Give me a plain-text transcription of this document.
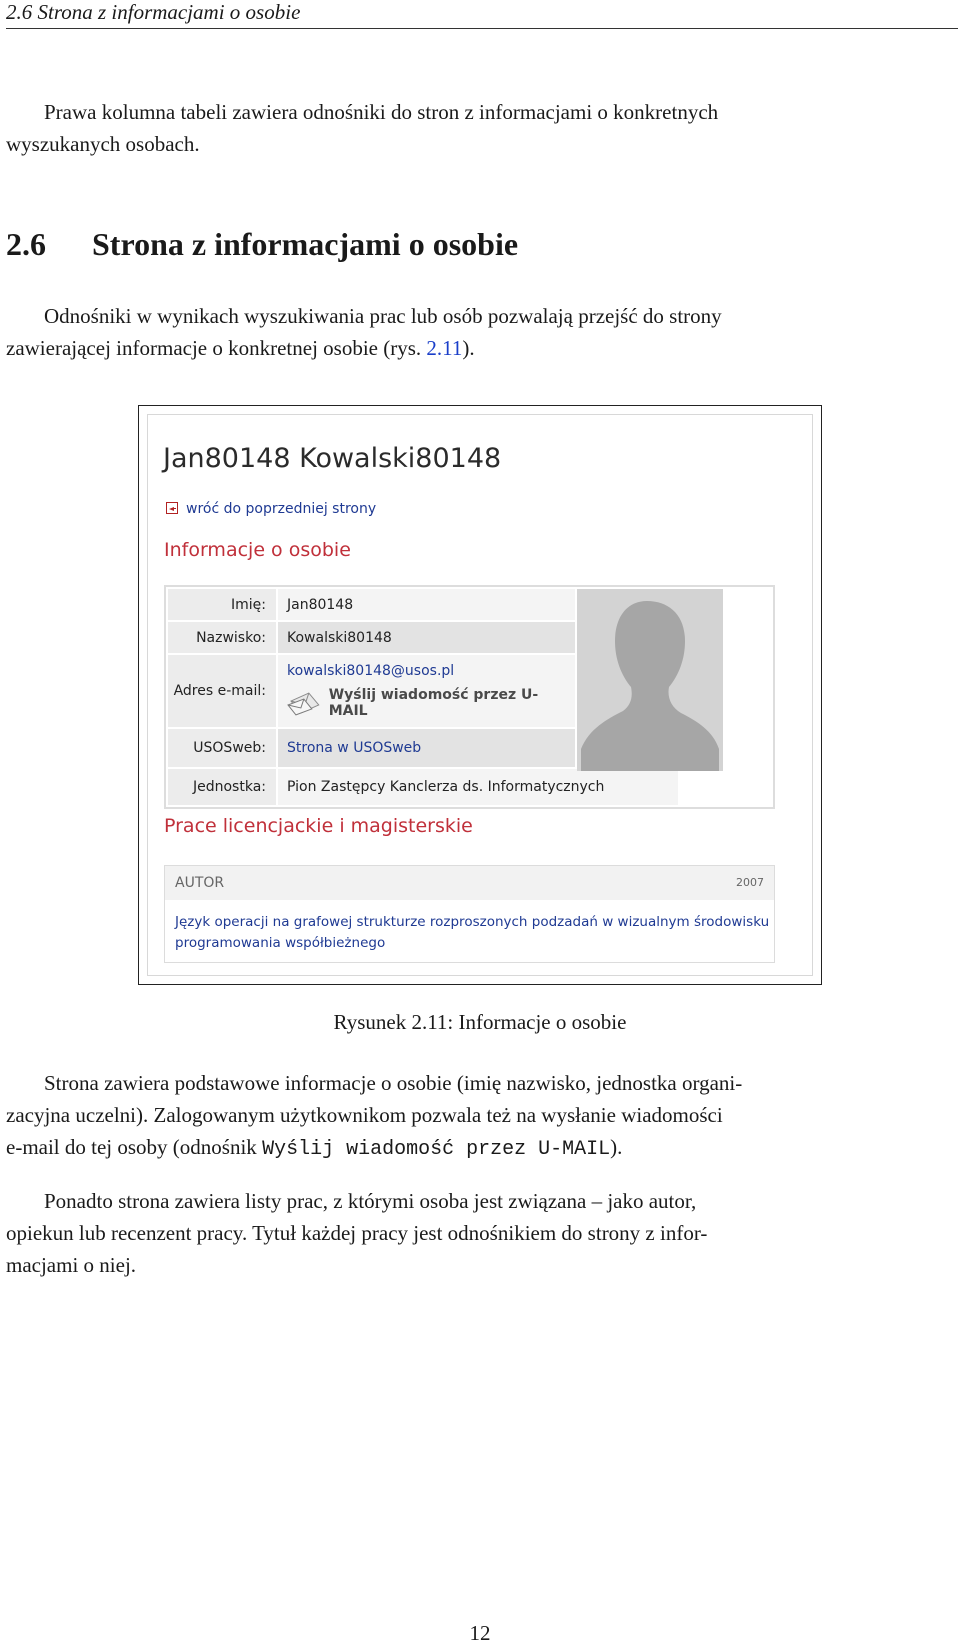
2.6 Strona z informacjami o osobie
Prawa kolumna tabeli zawiera odnośniki do stron z informacjami o konkretnych
wyszukanych osobach.
2.6 Strona z informacjami o osobie
Odnośniki w wynikach wyszukiwania prac lub osób pozwalają przejść do strony
zawierającej informacje o konkretnej osobie (rys. 2.11).
Jan80148 Kowalski80148
wróć do poprzedniej strony
Informacje o osobie
Imię:	Jan80148
Nazwisko:	Kowalski80148
Adres e-mail:
kowalski80148@usos.pl
Wyślij wiadomość przez U-MAIL
USOSweb:	Strona w USOSweb
Jednostka:	Pion Zastępcy Kanclerza ds. Informatycznych
Prace licencjackie i magisterskie
AUTOR	2007
Język operacji na grafowej strukturze rozproszonych podzadań w wizualnym środowisku programowania współbieżnego
Rysunek 2.11: Informacje o osobie
Strona zawiera podstawowe informacje o osobie (imię nazwisko, jednostka organi-
zacyjna uczelni). Zalogowanym użytkownikom pozwala też na wysłanie wiadomości
e-mail do tej osoby (odnośnik Wyślij wiadomość przez U-MAIL).
Ponadto strona zawiera listy prac, z którymi osoba jest związana – jako autor,
opiekun lub recenzent pracy. Tytuł każdej pracy jest odnośnikiem do strony z infor-
macjami o niej.
12
